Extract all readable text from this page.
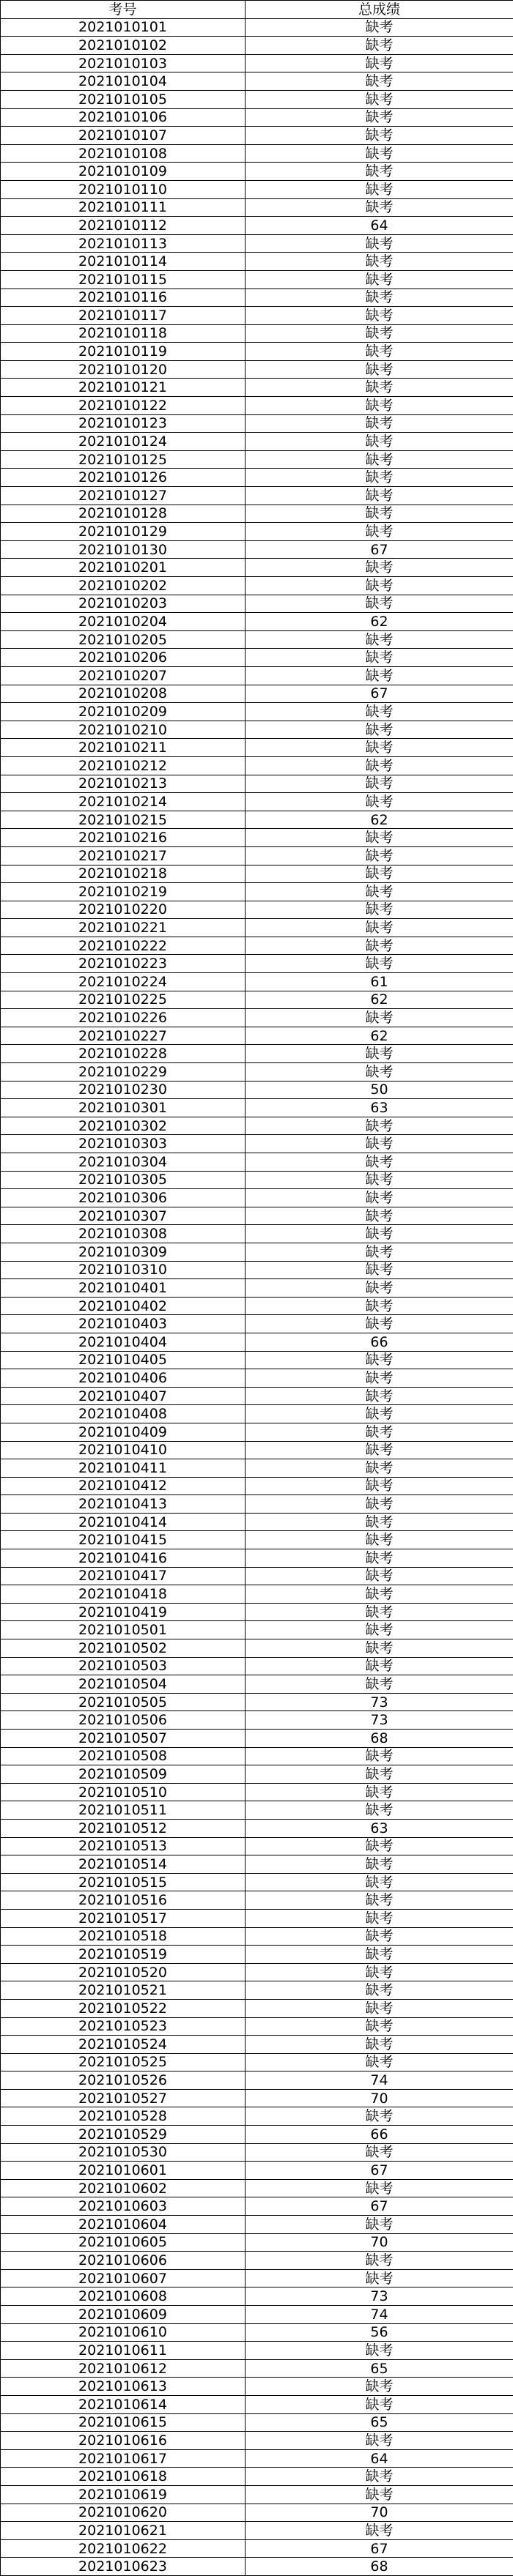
考号	总成绩
2021010101	缺考
2021010102	缺考
2021010103	缺考
2021010104	缺考
2021010105	缺考
2021010106	缺考
2021010107	缺考
2021010108	缺考
2021010109	缺考
2021010110	缺考
2021010111	缺考
2021010112	64
2021010113	缺考
2021010114	缺考
2021010115	缺考
2021010116	缺考
2021010117	缺考
2021010118	缺考
2021010119	缺考
2021010120	缺考
2021010121	缺考
2021010122	缺考
2021010123	缺考
2021010124	缺考
2021010125	缺考
2021010126	缺考
2021010127	缺考
2021010128	缺考
2021010129	缺考
2021010130	67
2021010201	缺考
2021010202	缺考
2021010203	缺考
2021010204	62
2021010205	缺考
2021010206	缺考
2021010207	缺考
2021010208	67
2021010209	缺考
2021010210	缺考
2021010211	缺考
2021010212	缺考
2021010213	缺考
2021010214	缺考
2021010215	62
2021010216	缺考
2021010217	缺考
2021010218	缺考
2021010219	缺考
2021010220	缺考
2021010221	缺考
2021010222	缺考
2021010223	缺考
2021010224	61
2021010225	62
2021010226	缺考
2021010227	62
2021010228	缺考
2021010229	缺考
2021010230	50
2021010301	63
2021010302	缺考
2021010303	缺考
2021010304	缺考
2021010305	缺考
2021010306	缺考
2021010307	缺考
2021010308	缺考
2021010309	缺考
2021010310	缺考
2021010401	缺考
2021010402	缺考
2021010403	缺考
2021010404	66
2021010405	缺考
2021010406	缺考
2021010407	缺考
2021010408	缺考
2021010409	缺考
2021010410	缺考
2021010411	缺考
2021010412	缺考
2021010413	缺考
2021010414	缺考
2021010415	缺考
2021010416	缺考
2021010417	缺考
2021010418	缺考
2021010419	缺考
2021010501	缺考
2021010502	缺考
2021010503	缺考
2021010504	缺考
2021010505	73
2021010506	73
2021010507	68
2021010508	缺考
2021010509	缺考
2021010510	缺考
2021010511	缺考
2021010512	63
2021010513	缺考
2021010514	缺考
2021010515	缺考
2021010516	缺考
2021010517	缺考
2021010518	缺考
2021010519	缺考
2021010520	缺考
2021010521	缺考
2021010522	缺考
2021010523	缺考
2021010524	缺考
2021010525	缺考
2021010526	74
2021010527	70
2021010528	缺考
2021010529	66
2021010530	缺考
2021010601	67
2021010602	缺考
2021010603	67
2021010604	缺考
2021010605	70
2021010606	缺考
2021010607	缺考
2021010608	73
2021010609	74
2021010610	56
2021010611	缺考
2021010612	65
2021010613	缺考
2021010614	缺考
2021010615	65
2021010616	缺考
2021010617	64
2021010618	缺考
2021010619	缺考
2021010620	70
2021010621	缺考
2021010622	67
2021010623	68
